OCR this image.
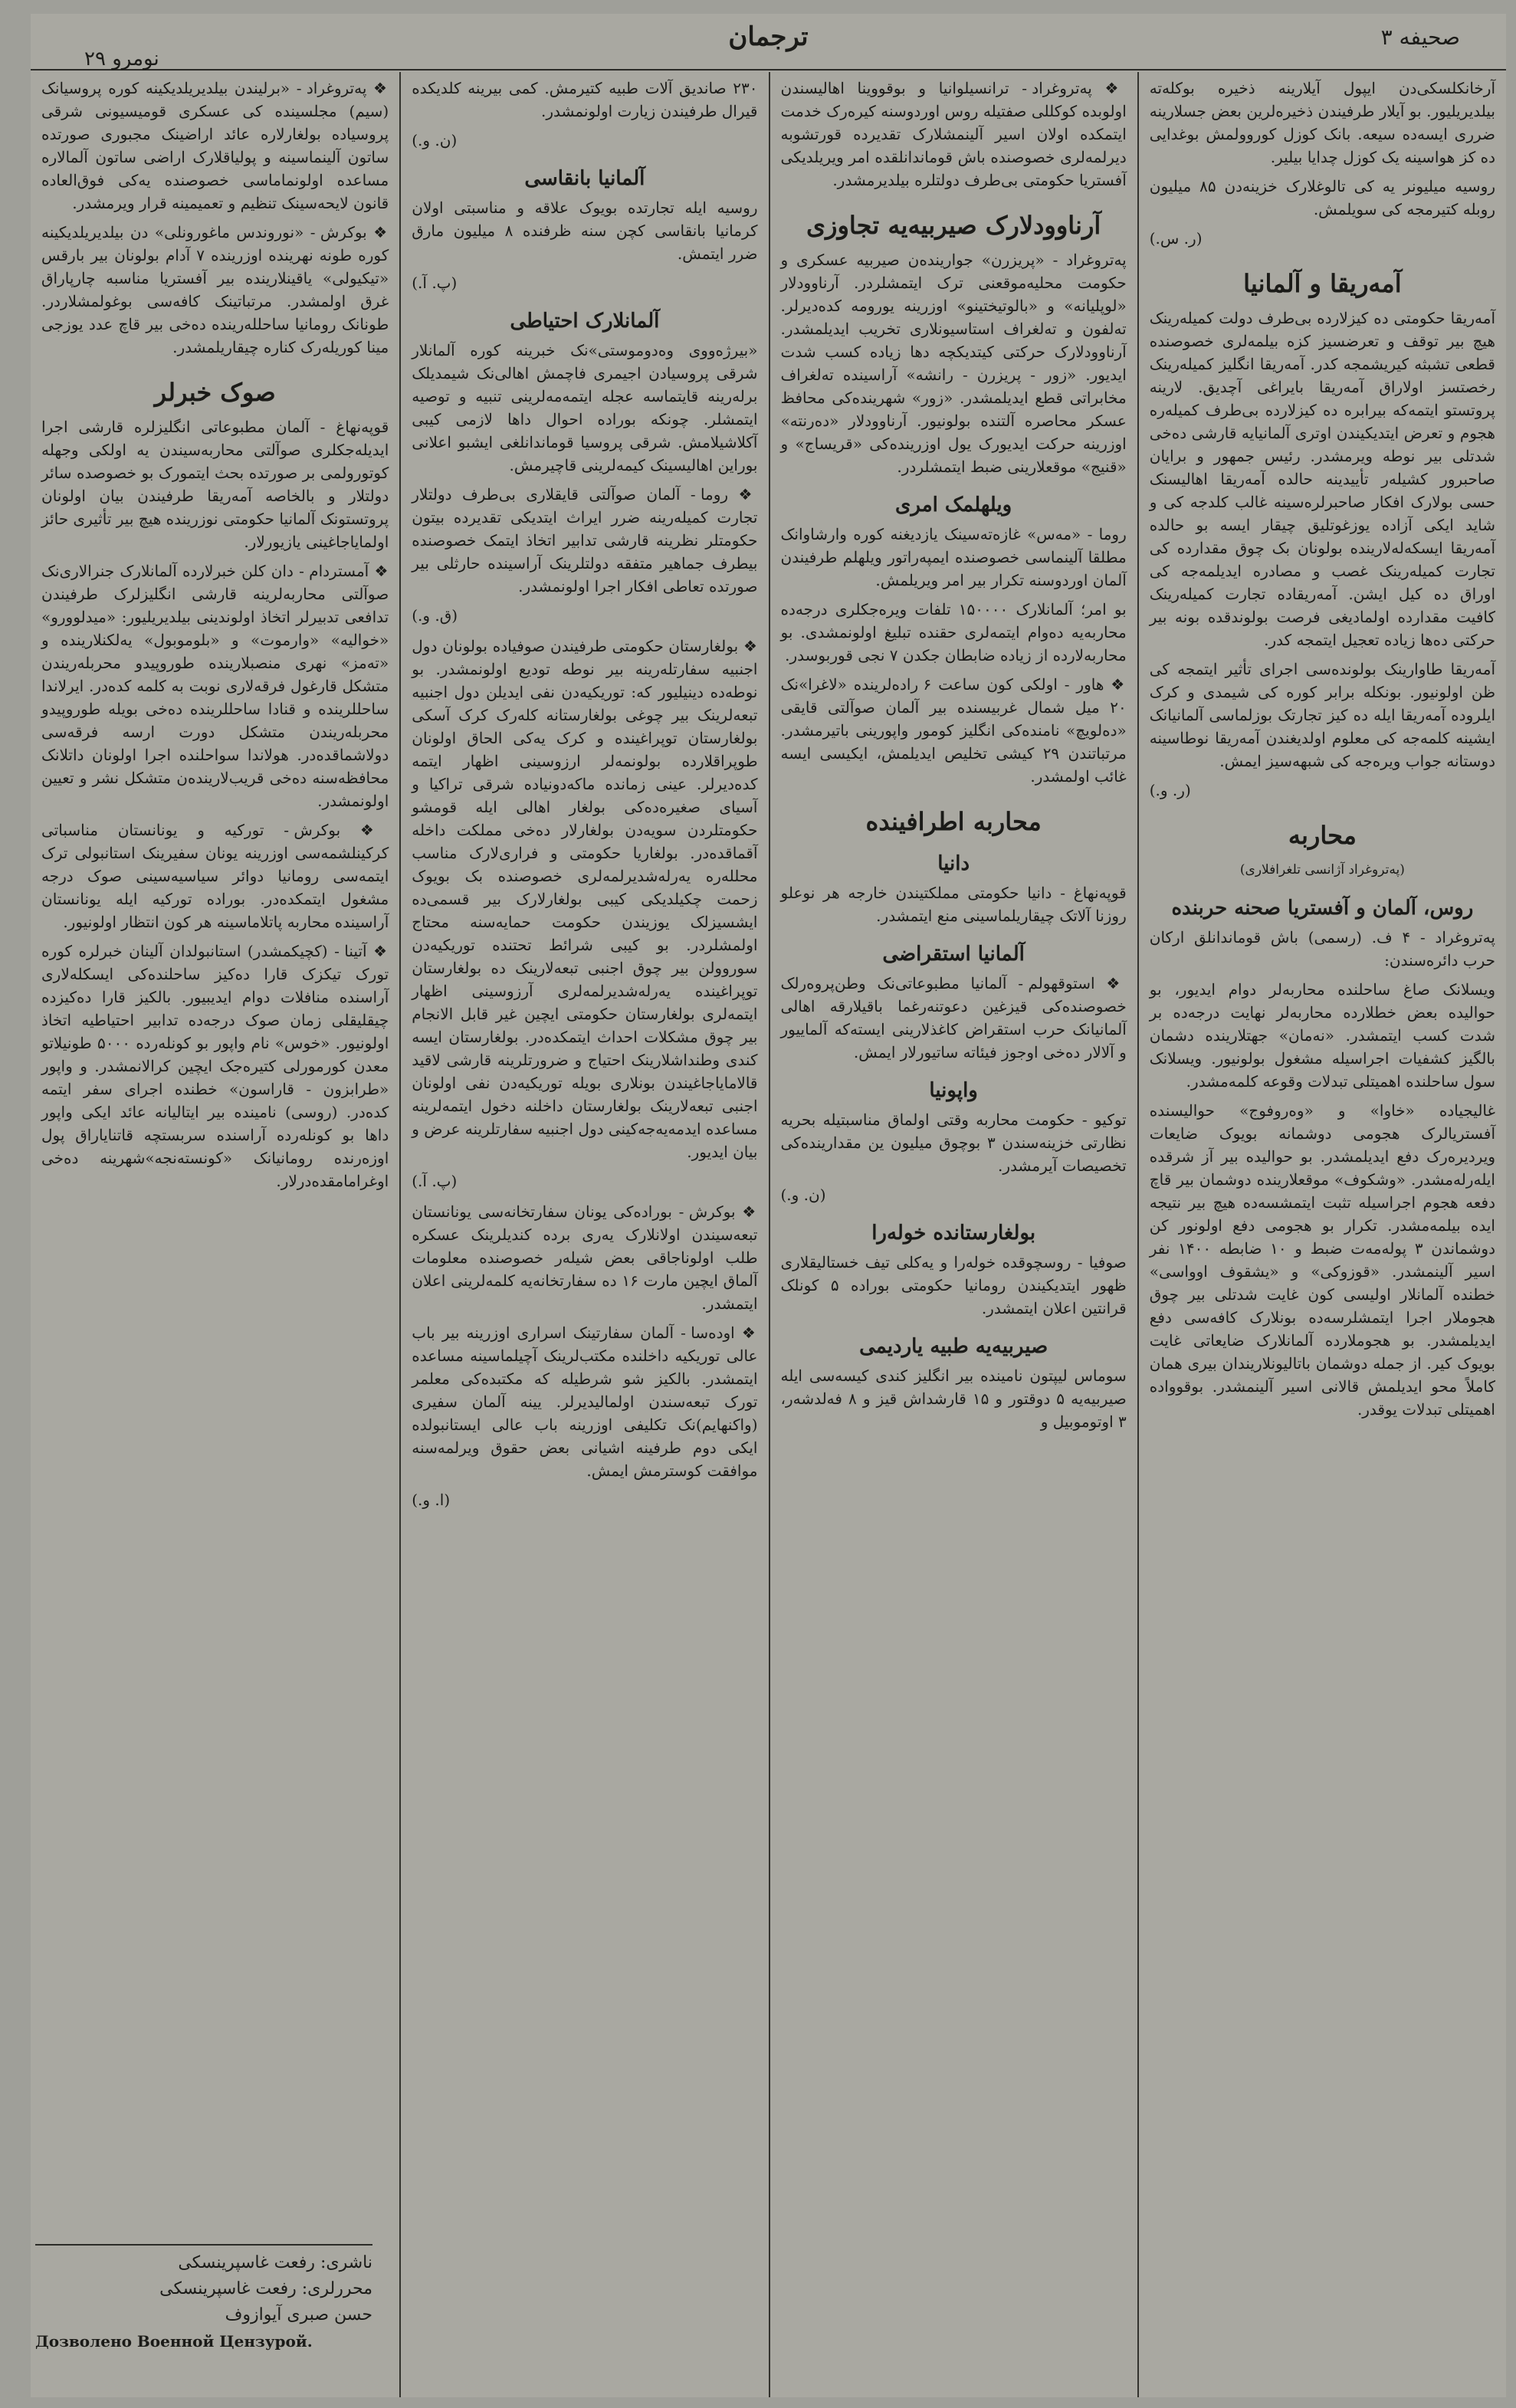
صحیفه ۳
ترجمان
نومرو ۲۹

آرخانکلسکی‌دن ایپول آیلارینه ذخیره بوکله‌ته بیلدیریلیور. بو آیلار طرفیندن ذخیره‌لرین بعض جسلارینه ضرری ایسه‌ده سیعه. بانک کوزل کوروولمش بوغدایی ده کز هواسینه یک کوزل چدایا بیلیر.

روسیه میلیونر یه کی تالوغلارک خزینه‌دن ۸۵ میلیون روبله کتیرمجه کی سویلمش.

(ر. س.)
آمەریقا و آلمانیا

آمەریقا حکومتی ده کیزلارده بی‌طرف دولت کمیلەرینک هیچ بیر توقف و تعرضسیز کزه بیلمەلری خصوصنده قطعی تشبثه کیریشمجه کدر. آمەریقا انگلیز کمیلەرینک رخصتسز اولاراق آمەریقا بایراغی آچدیق. لارینه پروتستو ایتمه‌که بیرابره ده کیزلارده بی‌طرف کمیلەره هجوم و تعرض ایتدیکیندن اوتری آلمانیایه قارشی ده‌خی شدتلی بیر نوطه ویرمشدر. رئیس جمهور و برایان صاحبرور کشیلەر تأییدینه حالده آمەریقا اهالیسنک حسی بولارک افکار صاحبرلرەسینه غالب کلدجه کی و شاید ایکی آزاده یوزغوتلیق چیقار ایسه بو حالده آمەریقا ایسکەله‌لارینده بولونان بک چوق مقدارده کی تجارت کمیلەرینک غصب و مصادره ایدیلمه‌جه کی اوراق ده کیل ایشن. آمەریقاده تجارت کمیلەرینک کافیت مقدارده اولمادیغی فرصت بولوندقده بونه بیر حرکتی دەها زیاده تعجیل ایتمجه کدر.

آمەریقا طاوارینک بولونده‌سی اجرای تأثیر ایتمجه کی ظن اولونیور. بونکله برابر کوره کی شیمدی و کرک ایلروده آمەریقا ایله ده کیز تجارتک بوزلماسی آلمانیانک ایشینه کلمه‌جه کی معلوم اولدیغندن آمەریقا نوطاسینه دوستانه جواب ویره‌جه کی شبهه‌سیز ایمش.

(ر. و.)
محاربه
(پەتروغراد آژانسی تلغرافلاری)
روس، آلمان و آفستریا صحنه حربنده

پەتروغراد - ۴ ف. (رسمی) باش قوماندانلق ارکان حرب دائره‌سندن:

ویسلانک صاغ ساحلنده محاربه‌لر دوام ایدیور، بو حوالیده بعض خطلارده محاربه‌لر نهایت درجه‌ده بر شدت کسب ایتمشدر. «نەمان» جهتلارینده دشمان بالگیز کشفیات اجراسیله مشغول بولونیور. ویسلانک سول ساحلنده اهمیتلی تبدلات وقوعه کلمەمشدر.

غالیجیاده «خاوا» و «وەروفوج» حوالیسنده آفستریالرک هجومی دوشمانه بویوک ضایعات ویردیرەرک دفع ایدیلمشدر. بو حوالیده بیر آز شرقده ایلەرلەمشدر. «وشکوف» موقعلارینده دوشمان بیر قاچ دفعه هجوم اجراسیله تثبت ایتمشسه‌ده هیچ بیر نتیجه ایده بیلمەمشدر. تکرار بو هجومی دفع اولونور کن دوشماندن ۳ پولەمەت ضبط و ۱۰ ضابطه ۱۴۰۰ نفر اسیر آلینمشدر. «قوزوکی» و «یشقوف اوواسی» خطنده آلمانلار اولیسی کون غایت شدتلی بیر چوق هجوملار اجرا ایتمشلرسه‌ده بونلارک کافه‌سی دفع ایدیلمشدر. بو هجوملارده آلمانلارک ضایعاتی غایت بویوک کیر. از جمله دوشمان باتالیونلاریندان بیری همان کاملاً محو ایدیلمش قالانی اسیر آلینمشدر. بوقوواده اهمیتلی تبدلات یوقدر.

❖ پەتروغراد - ترانسیلوانیا و بوقووینا اهالیسندن اولوبده کوکللی صفتیله روس اوردوسنه کیرەرک خدمت ایتمکده اولان اسیر آلینمشلارک تقدیرده قورتشوبه دیرلمەلری خصوصنده باش قوماندانلقده امر ویریلدیکی آفستریا حکومتی بی‌طرف دولتلره بیلدیرمشدر.

آرناوودلارک صیربیه‌یه تجاوزی

پەتروغراد - «پریزرن» جوارینده‌ن صیربیه عسکری و حکومت محلیه‌موقعنی ترک ایتمشلردر. آرناوودلار «لوپلیانه» و «بالوتیختینو» اوزرینه یورومه کده‌دیرلر. تەلفون و تەلغراف استاسیونلاری تخریب ایدیلمشدر. آرناوودلارک حرکتی کیتدیکچه دها زیاده کسب شدت ایدیور. «زور - پریزرن - رانشه» آراسینده تەلغراف مخابراتی قطع ایدیلمشدر. «زور» شهرینده‌کی محافظ عسکر محاصره آلتنده بولونیور. آرناوودلار «دەرنته» اوزرینه حرکت ایدیورک یول اوزرینده‌کی «قریساج» و «قنیج» موقعلارینی ضبط ایتمشلردر.

ویلهلمک امری

روما - «مەس» غازەته‌سینک یازدیغنه کوره وارشاوانک مطلقا آلینماسی خصوصنده ایمپەراتور ویلهلم طرفیندن آلمان اوردوسنه تکرار بیر امر ویریلمش.

بو امر؛ آلمانلارک ۱۵۰۰۰۰ تلفات ویره‌جکلری درجه‌ده محاربه‌یه ده‌وام ایتمه‌لری حقنده تبلیغ اولونمشدی. بو محاربه‌لارده از زیاده ضابطان جکدن ۷ نجی قوربوسدر.

❖ هاور - اولکی کون ساعت ۶ راده‌لرینده «لاغرا»نک ۲۰ میل شمال غربیسنده بیر آلمان صوآلتی قایقی «دەلویچ» نامنده‌کی انگلیز کومور واپورینی باتیرمشدر. مرتباتندن ۲۹ کیشی تخلیص ایدیلمش، ایکیسی ایسه غائب اولمشدر.

محاربه اطرافینده
دانیا

قوپەنهاغ - دانیا حکومتی مملکتیندن خارجه هر نوعلو روزنا آلاتک چیقاریلماسینی منع ایتمشدر.

آلمانیا استقراضی

❖ استوقهولم - آلمانیا مطبوعاتی‌نک وطن‌پروەرلک خصوصنده‌کی قیزغین دعوتنه‌رغما باقیلارقه اهالی آلمانیانک حرب استقراض کاغذلارینی ایسته‌که آلماییور و آلالار ده‌خی اوجوز فیئاته ساتیورلار ایمش.

واپونیا

توکیو - حکومت محاربه وقتی اولماق مناسبتیله بحریه نظارتی خزینه‌سندن ۳ بوچوق میلیون ین مقدارینده‌کی تخصیصات آیرمشدر.

(ن. و.)
بولغارستانده خولەرا

صوفیا - روسچوقده خولەرا و یه‌کلی تیف خستالیقلاری ظهور ایتدیکیندن رومانیا حکومتی بوراده ۵ کونلک قرانتین اعلان ایتمشدر.

صیربیه‌یه طبیه یاردیمی

سوماس لیپتون نامینده بیر انگلیز کندی کیسه‌سی ایله صیربیه‌یه ۵ دوقتور و ۱۵ قارشداش قیز و ۸ فەلدشەر، ۳ اوتوموبیل و

۲۳۰ صاندیق آلات طبیه کتیرمش. کمی بیرینه کلدیکده قیرال طرفیندن زیارت اولونمشدر.

(ن. و.)
آلمانیا بانقاسی

روسیه ایله تجارتده بویوک علاقه و مناسبتی اولان کرمانیا بانقاسی کچن سنه ظرفنده ۸ میلیون مارق ضرر ایتمش.

(پ. آ.)
آلمانلارک احتیاطی

«بیرژه‌ووی وەدوموستی»نک خبرینه کوره آلمانلار شرقی پروسیادن اجیمری فاچمش اهالی‌نک شیمدیلک بر‌لەرینه قایتماسه عجله ایتمه‌مه‌لرینی تنبیه و توصیه ایتمشلر. چونکه بوراده احوال داها لازمی کیبی آکلاشیلامش. شرقی پروسیا قوماندانلغی ایشبو اعلانی بوراین اهالیسینک کیمه‌لرینی قاچیرمش.

❖ روما - آلمان صوآلتی قایقلاری بی‌طرف دولتلار تجارت کمیلەرینه ضرر ایراث ایتدیکی تقدیرده بیتون حکومتلر نظرینه قارشی تدابیر اتخاذ ایتمک خصوصنده بیطرف جماهیر متفقه دولتلرینک آراسینده حارثلی بیر صورتده تعاطی افکار اجرا اولونمشدر.

(ق. و.)

❖ بولغارستان حکومتی طرفیندن صوفیاده بولونان دول اجنبیه سفارتلەرینه بیر نوطه تودیع اولونمشدر. بو نوطه‌ده دینیلیور که: توریکیەدن نفی ایدیلن دول اجنبیه تبعه‌لرینک بیر چوغی بولغارستانه کلەرک کرک آسکی بولغارستان توپراغینده و کرک یه‌کی الحاق اولونان طوپراقلارده بولونمه‌لر ارزوسینی اظهار ایتمه کده‌دیرلر. عینی زمانده ماکه‌دونیاده شرقی تراکیا و آسیای صغیره‌ده‌کی بولغار اهالی ایله قومشو حکومتلردن سویەدن بولغارلار ده‌خی مملکت داخله آقماقده‌در. بولغاریا حکومتی و فراری‌لارک مناسب محللەره یه‌رلەشدیرلمه‌لری خصوصنده بک بویوک زحمت چکیلدیکی کیبی بولغارلارک بیر قسمی‌ده ایشسیزلک یوزیندن حکومت حمایه‌سنه محتاج اولمشلردر. بو کیبی شرائط تحتنده توریکیه‌دن سوروولن بیر چوق اجنبی تبعه‌لارینک ده بولغارستان توپراغینده یه‌رلەشدیرلمه‌لری آرزوسینی اظهار ایتمه‌لری بولغارستان حکومتی ایچین غیر قابل الانجام بیر چوق مشکلات احداث ایتمکده‌در. بولغارستان ایسه کندی وطنداشلارینک احتیاج و ضرورتلرینه قارشی لاقید قالامایاجاغیندن بونلاری بویله توریکیه‌دن نفی اولونان اجنبی تبعه‌لارینک بولغارستان داخلنه دخول ایتمه‌لرینه مساعده ایدمه‌یه‌جه‌کینی دول اجنبیه سفارتلرینه عرض و بیان ایدیور.

(پ. آ.)

❖ بوکرش - بوراده‌کی یونان سفارتخانه‌سی یونانستان تبعه‌سیندن اولانلارک یه‌ری بر‌ده کندیلرینک عسکره طلب اولوناجاقی بعض شیلەر خصوصنده معلومات آلماق ایچین مارت ۱۶ ده سفارتخانه‌یه کلمه‌لرینی اعلان ایتمشدر.

❖ اودەسا - آلمان سفارتینک اسراری اوزرینه بیر باب عالی توریکیه داخلنده مکتب‌لرینک آچیلماسینه مساعده ایتمشدر. بالکیز شو شرطیله که مکتبده‌کی معلمر تورک تبعه‌سندن اولمالیدیرلر. یینه آلمان سفیری (واکنهایم)نک تکلیفی اوزرینه باب عالی ایستانبولده ایکی دوم طرفینه اشیانی بعض حقوق ویرلمه‌سنه موافقت کوسترمش ایمش.

(ا. و.)

❖ پەتروغراد - «برلیندن بیلدیریلدیکینه کوره پروسیانک (سیم) مجلسینده کی عسکری قومیسیونی شرقی پروسیاده بولغارلاره عائد اراضینک مجبوری صورتده ساتون آلینماسینه و پولیاقلارک اراضی ساتون آلمالاره مساعده اولونماماسی خصوصنده یه‌کی فوق‌العاده قانون لایحه‌سینک تنظیم و تعمیمینه قرار ویرمشدر.

❖ بوکرش - «نوروندس ماغورونلی» دن بیلدیریلدیکینه کوره طونه نهرینده اوزرینده ۷ آدام بولونان بیر بارقس «تیکیولی» یاقینلارینده بیر آفستریا مناسبه چارپاراق غرق اولمشدر. مرتباتینک کافه‌سی بوغولمشلاردر. طونانک رومانیا ساحللەرینده ده‌خی بیر قاچ عدد یوزجی مینا کوریله‌رک کناره چیقاریلمشدر.

صوک خبرلر

قوپەنهاغ - آلمان مطبوعاتی انگلیزلره قارشی اجرا ایدیله‌جکلری صوآلتی محاربه‌سیندن یه اولکی وجهله کوتورولمی بر صورتده بحث ایتمورک بو خصوصده سائر دولتلار و بالخاصه آمەریقا طرفیندن بیان اولونان پروتستونک آلمانیا حکومتی نوزرینده هیچ بیر تأثیری حائز اولمایاجاغینی یازیورلار.

❖ آمستردام - دان کلن خبرلارده آلمانلارک جنرالاری‌نک صوآلتی محاربه‌لرینه قارشی انگلیزلرک طرفیندن تدافعی تدبیرلر اتخاذ اولوندینی بیلدیریلیور: «میدلوورو» «خوالیه» «وارموت» و «بلوموبول» یه‌لکنلارینده و «تەمز» نهری منصبلارینده طوروپیدو محربلەریندن متشکل قارغول فرقه‌لاری نوبت به کلمه کده‌در. ایرلاندا ساحللرینده و قنادا ساحللرینده ده‌خی بویله طوروپیدو محربلەریندن متشکل دورت ارسه فرقه‌سی دولاشماقده‌در. هولاندا سواحلنده اجرا اولونان داتلانک محافظه‌سنه ده‌خی قریب‌لارینده‌ن متشکل نشر و تعیین اولونمشدر.

❖ بوکرش - تورکیه و یونانستان مناسباتی کرکینلشمه‌سی اوزرینه یونان سفیرینک استانبولی ترک ایتمه‌سی رومانیا دوائر سیاسیه‌سینی صوک درجه مشغول ایتمکده‌در. بوراده تورکیه ایله یونانستان آراسینده محاربه پاتلاماسینه هر کون انتظار اولونیور.

❖ آتینا - (کچیکمشدر) استانبولدان آلینان خبرلره کوره تورک تیکزک قارا ده‌کیز ساحلنده‌کی ایسکله‌لاری آراسنده منافلات دوام ایدیبیور. بالکیز قارا ده‌کیزده چیقلیقلی زمان صوک درجه‌ده تدابیر احتیاطیه اتخاذ اولونیور. «خوس» نام واپور بو کونلەرده ۵۰۰۰ طونیلاتو معدن کورمورلی کتیره‌جک ایچین کرالانمشدر. و واپور «طرابزون - قاراسون» خطنده اجرای سفر ایتمه کده‌در. (روسی) نامینده بیر ایتالیانه عائد ایکی واپور داها بو کونلەرده آراسنده سربستچه قاتناياراق پول اوزه‌رنده رومانیانک «کونسته‌نجه»شهرینه ده‌خی اوغرامامقده‌درلار.

ناشری: رفعت غاسپرینسکی
محررلری: رفعت غاسپرینسکی
حسن صبری آیوازوف
Дозволено Военной Цензурой.
